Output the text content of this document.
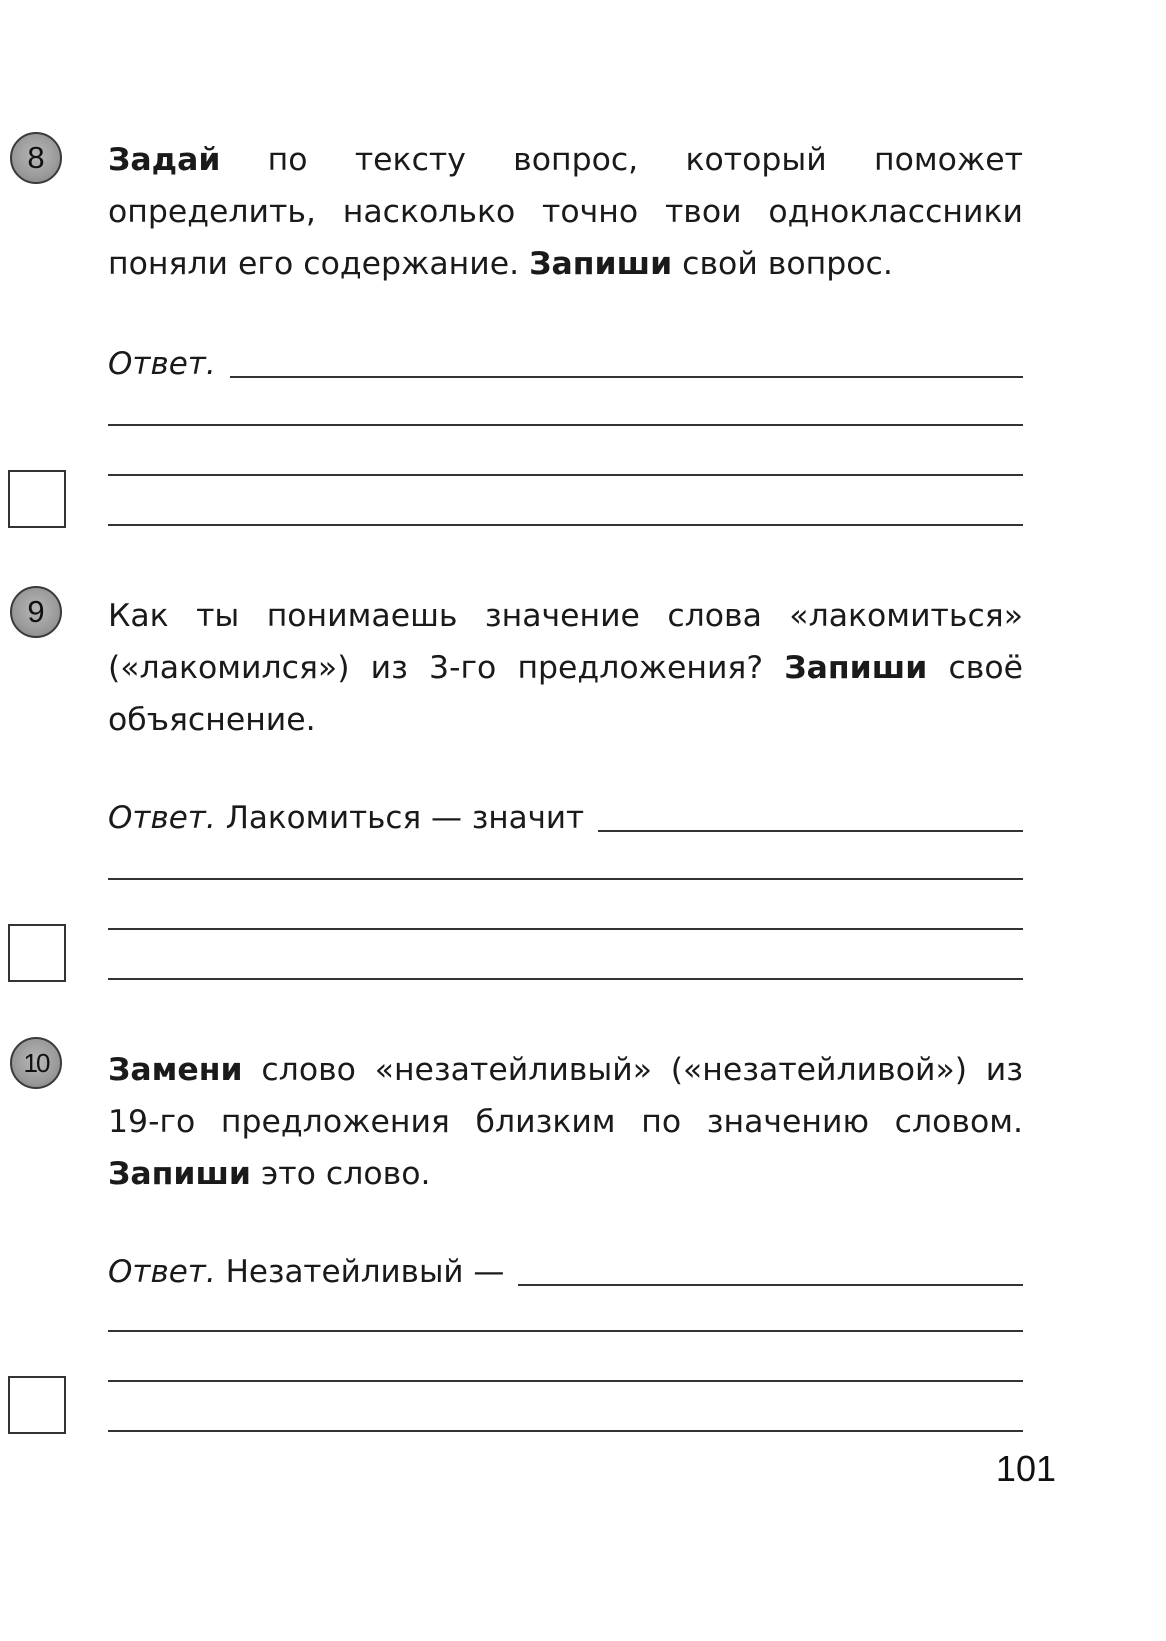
8 Задай по тексту вопрос, который поможет определить, насколько точно твои одноклассники поняли его содержание. Запиши свой вопрос.
Ответ.
9 Как ты понимаешь значение слова «лакомиться» («лакомился») из 3-го предложения? Запиши своё объяснение.
Ответ. Лакомиться — значит
10 Замени слово «незатейливый» («незатейливой») из 19-го предложения близким по значению словом. Запиши это слово.
Ответ. Незатейливый —
101
